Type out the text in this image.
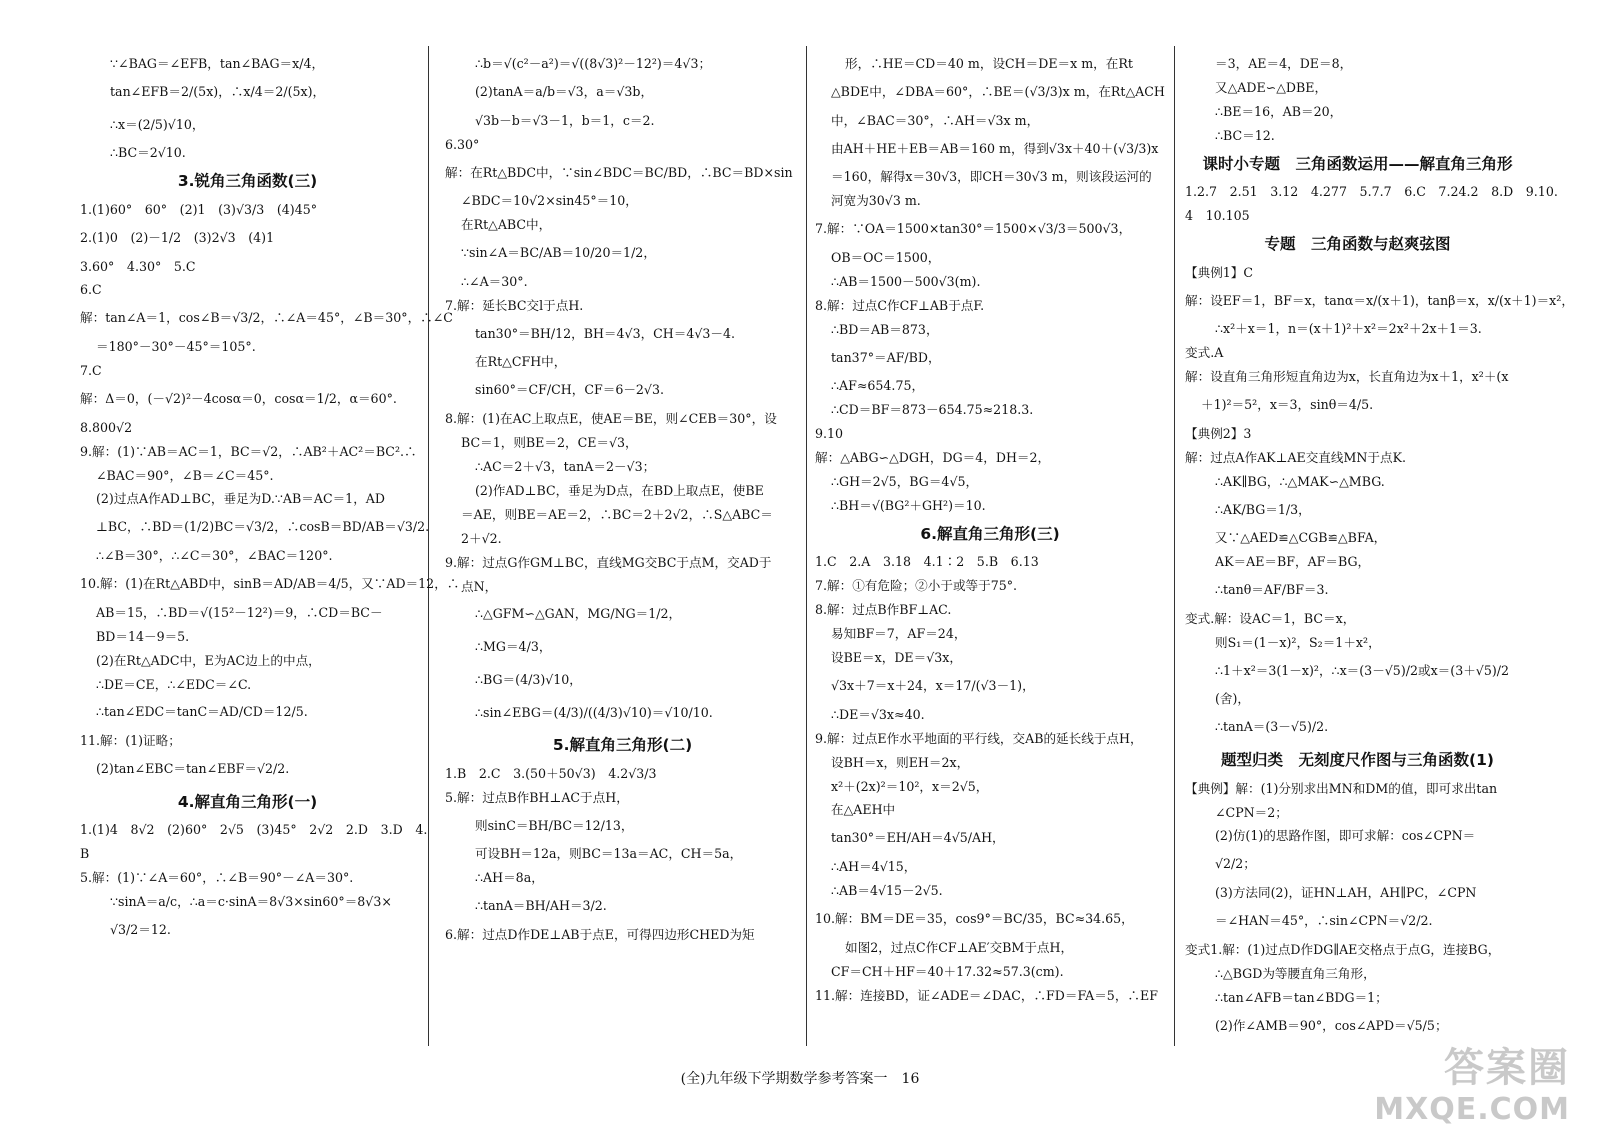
∵∠BAG＝∠EFB，tan∠BAG＝x/4，
tan∠EFB＝2/(5x)，∴x/4＝2/(5x)，
∴x＝(2/5)√10，
∴BC＝2√10.
3.锐角三角函数(三)
1.(1)60°　60°　(2)1　(3)√3/3　(4)45°
2.(1)0　(2)－1/2　(3)2√3　(4)1
3.60°　4.30°　5.C
6.C
解：tan∠A＝1，cos∠B＝√3/2，∴∠A＝45°，∠B＝30°，∴∠C
＝180°－30°－45°＝105°.
7.C
解：Δ＝0，(－√2)²－4cosα＝0，cosα＝1/2，α＝60°.
8.800√2
9.解：(1)∵AB＝AC＝1，BC＝√2，∴AB²＋AC²＝BC².∴
∠BAC＝90°，∠B＝∠C＝45°.
(2)过点A作AD⊥BC，垂足为D.∵AB＝AC＝1，AD
⊥BC，∴BD＝(1/2)BC＝√3/2，∴cosB＝BD/AB＝√3/2.
∴∠B＝30°，∴∠C＝30°，∠BAC＝120°.
10.解：(1)在Rt△ABD中，sinB＝AD/AB＝4/5，又∵AD＝12，∴
AB＝15，∴BD＝√(15²－12²)＝9，∴CD＝BC－
BD＝14－9＝5.
(2)在Rt△ADC中，E为AC边上的中点，
∴DE＝CE，∴∠EDC＝∠C.
∴tan∠EDC＝tanC＝AD/CD＝12/5.
11.解：(1)证略；
(2)tan∠EBC＝tan∠EBF＝√2/2.
4.解直角三角形(一)
1.(1)4　8√2　(2)60°　2√5　(3)45°　2√2　2.D　3.D　4.
B
5.解：(1)∵∠A＝60°，∴∠B＝90°－∠A＝30°.
∵sinA＝a/c，∴a＝c·sinA＝8√3×sin60°＝8√3×
√3/2＝12.
∴b＝√(c²－a²)＝√((8√3)²－12²)＝4√3；
(2)tanA＝a/b＝√3，a＝√3b，
√3b－b＝√3－1，b＝1，c＝2.
6.30°
解：在Rt△BDC中，∵sin∠BDC＝BC/BD，∴BC＝BD×sin
∠BDC＝10√2×sin45°＝10，
在Rt△ABC中，
∵sin∠A＝BC/AB＝10/20＝1/2，
∴∠A＝30°.
7.解：延长BC交l于点H.
tan30°＝BH/12，BH＝4√3，CH＝4√3－4.
在Rt△CFH中，
sin60°＝CF/CH，CF＝6－2√3.
8.解：(1)在AC上取点E，使AE＝BE，则∠CEB＝30°，设
BC＝1，则BE＝2，CE＝√3，
∴AC＝2＋√3，tanA＝2－√3；
(2)作AD⊥BC，垂足为D点，在BD上取点E，使BE
＝AE，则BE＝AE＝2，∴BC＝2＋2√2，∴S△ABC＝
2＋√2.
9.解：过点G作GM⊥BC，直线MG交BC于点M，交AD于
点N，
∴△GFM∽△GAN，MG/NG＝1/2，
∴MG＝4/3，
∴BG＝(4/3)√10，
∴sin∠EBG＝(4/3)/((4/3)√10)＝√10/10.
5.解直角三角形(二)
1.B　2.C　3.(50＋50√3)　4.2√3/3
5.解：过点B作BH⊥AC于点H，
则sinC＝BH/BC＝12/13，
可设BH＝12a，则BC＝13a＝AC，CH＝5a，
∴AH＝8a，
∴tanA＝BH/AH＝3/2.
6.解：过点D作DE⊥AB于点E，可得四边形CHED为矩
形，∴HE＝CD＝40 m，设CH＝DE＝x m，在Rt
△BDE中，∠DBA＝60°，∴BE＝(√3/3)x m，在Rt△ACH
中，∠BAC＝30°，∴AH＝√3x m，
由AH＋HE＋EB＝AB＝160 m，得到√3x＋40＋(√3/3)x
＝160，解得x＝30√3，即CH＝30√3 m，则该段运河的
河宽为30√3 m.
7.解：∵OA＝1500×tan30°＝1500×√3/3＝500√3，
OB＝OC＝1500，
∴AB＝1500－500√3(m).
8.解：过点C作CF⊥AB于点F.
∴BD＝AB＝873，
tan37°＝AF/BD，
∴AF≈654.75，
∴CD＝BF＝873－654.75≈218.3.
9.10
解：△ABG∽△DGH，DG＝4，DH＝2，
∴GH＝2√5，BG＝4√5，
∴BH＝√(BG²＋GH²)＝10.
6.解直角三角形(三)
1.C　2.A　3.18　4.1∶2　5.B　6.13
7.解：①有危险；②小于或等于75°.
8.解：过点B作BF⊥AC.
易知BF＝7，AF＝24，
设BE＝x，DE＝√3x，
√3x＋7＝x＋24，x＝17/(√3－1)，
∴DE＝√3x≈40.
9.解：过点E作水平地面的平行线，交AB的延长线于点H，
设BH＝x，则EH＝2x，
x²＋(2x)²＝10²，x＝2√5，
在△AEH中
tan30°＝EH/AH＝4√5/AH，
∴AH＝4√15，
∴AB＝4√15－2√5.
10.解：BM＝DE＝35，cos9°＝BC/35，BC≈34.65，
如图2，过点C作CF⊥AE′交BM于点H，
CF＝CH＋HF＝40＋17.32≈57.3(cm).
11.解：连接BD，证∠ADE＝∠DAC，∴FD＝FA＝5，∴EF
＝3，AE＝4，DE＝8，
又△ADE∽△DBE，
∴BE＝16，AB＝20，
∴BC＝12.
课时小专题　三角函数运用——解直角三角形
1.2.7　2.51　3.12　4.277　5.7.7　6.C　7.24.2　8.D　9.10.
4　10.105
专题　三角函数与赵爽弦图
【典例1】C
解：设EF＝1，BF＝x，tanα＝x/(x＋1)，tanβ＝x，x/(x＋1)＝x²，
∴x²＋x＝1，n＝(x＋1)²＋x²＝2x²＋2x＋1＝3.
变式.A
解：设直角三角形短直角边为x，长直角边为x＋1，x²＋(x
＋1)²＝5²，x＝3，sinθ＝4/5.
【典例2】3
解：过点A作AK⊥AE交直线MN于点K.
∴AK∥BG，∴△MAK∽△MBG.
∴AK/BG＝1/3，
又∵△AED≌△CGB≌△BFA，
AK＝AE＝BF，AF＝BG，
∴tanθ＝AF/BF＝3.
变式.解：设AC＝1，BC＝x，
则S₁＝(1－x)²，S₂＝1＋x²，
∴1＋x²＝3(1－x)²，∴x＝(3－√5)/2或x＝(3＋√5)/2
(舍)，
∴tanA＝(3－√5)/2.
题型归类　无刻度尺作图与三角函数(1)
【典例】解：(1)分别求出MN和DM的值，即可求出tan
∠CPN＝2；
(2)仿(1)的思路作图，即可求解：cos∠CPN＝
√2/2；
(3)方法同(2)，证HN⊥AH，AH∥PC，∠CPN
＝∠HAN＝45°，∴sin∠CPN＝√2/2.
变式1.解：(1)过点D作DG∥AE交格点于点G，连接BG，
∴△BGD为等腰直角三角形，
∴tan∠AFB＝tan∠BDG＝1；
(2)作∠AMB＝90°，cos∠APD＝√5/5；
(全)九年级下学期数学参考答案一　16	答案圈
MXQE.COM
